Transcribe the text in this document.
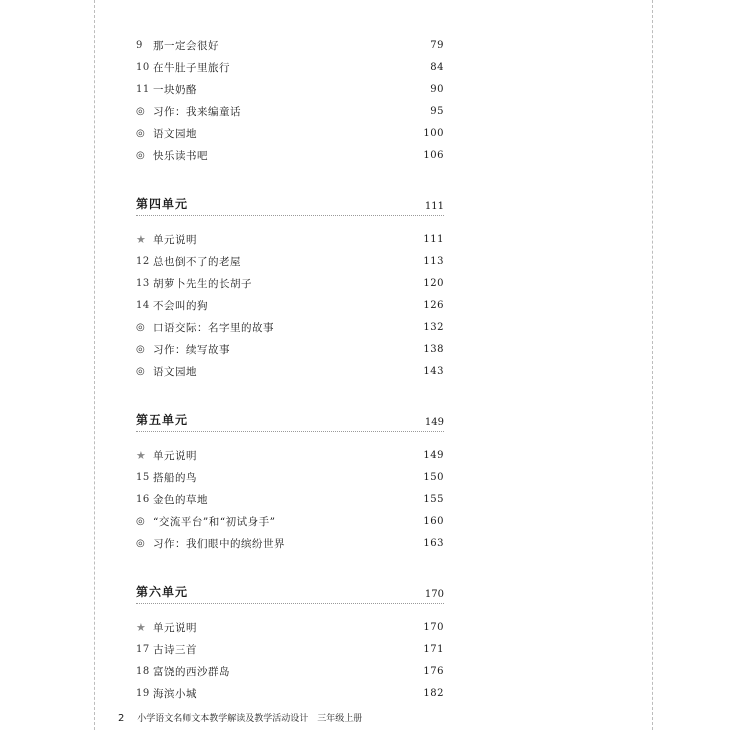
9 那一定会很好	79
10 在牛肚子里旅行	84
11 一块奶酪	90
◎ 习作：我来编童话	95
◎ 语文园地	100
◎ 快乐读书吧	106
第四单元	111
★ 单元说明	111
12 总也倒不了的老屋	113
13 胡萝卜先生的长胡子	120
14 不会叫的狗	126
◎ 口语交际：名字里的故事	132
◎ 习作：续写故事	138
◎ 语文园地	143
第五单元	149
★ 单元说明	149
15 搭船的鸟	150
16 金色的草地	155
◎ “交流平台”和“初试身手”	160
◎ 习作：我们眼中的缤纷世界	163
第六单元	170
★ 单元说明	170
17 古诗三首	171
18 富饶的西沙群岛	176
19 海滨小城	182
2 小学语文名师文本教学解读及教学活动设计　三年级上册
